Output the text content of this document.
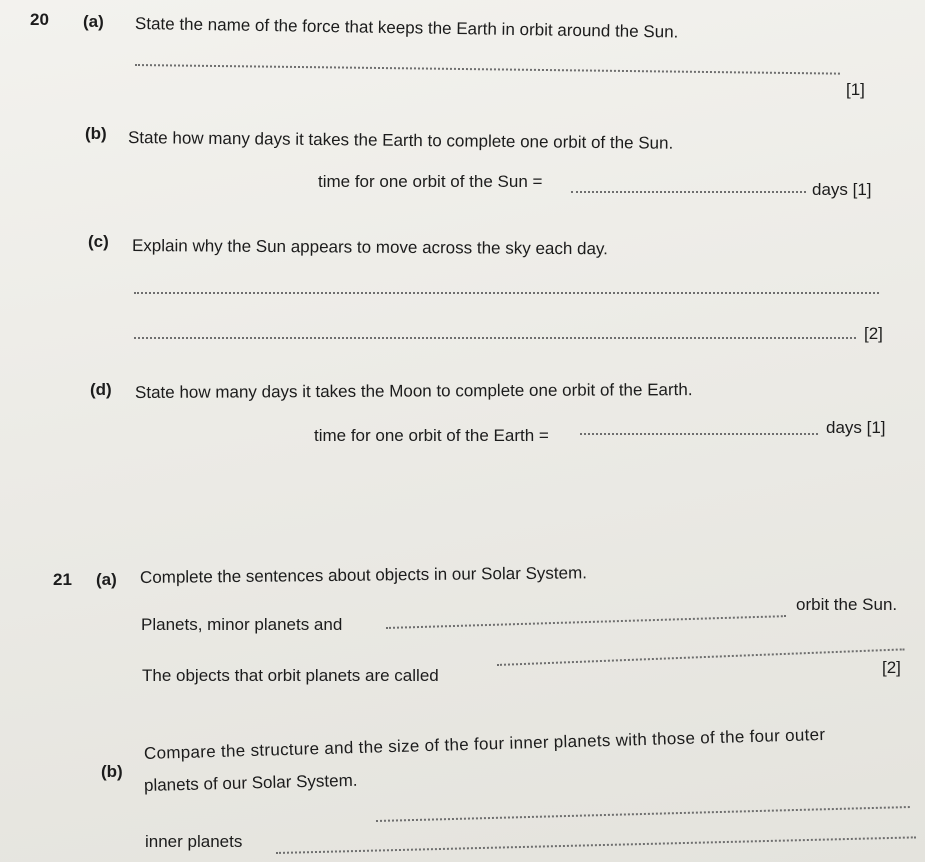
20 (a) State the name of the force that keeps the Earth in orbit around the Sun.
[1]
(b) State how many days it takes the Earth to complete one orbit of the Sun.
time for one orbit of the Sun =	days [1]
(c) Explain why the Sun appears to move across the sky each day.
[2]
(d) State how many days it takes the Moon to complete one orbit of the Earth.
time for one orbit of the Earth =	days [1]
21 (a) Complete the sentences about objects in our Solar System.
Planets, minor planets and
orbit the Sun.
The objects that orbit planets are called	[2]
(b)
Compare the structure and the size of the four inner planets with those of the four outer
planets of our Solar System.
inner planets
